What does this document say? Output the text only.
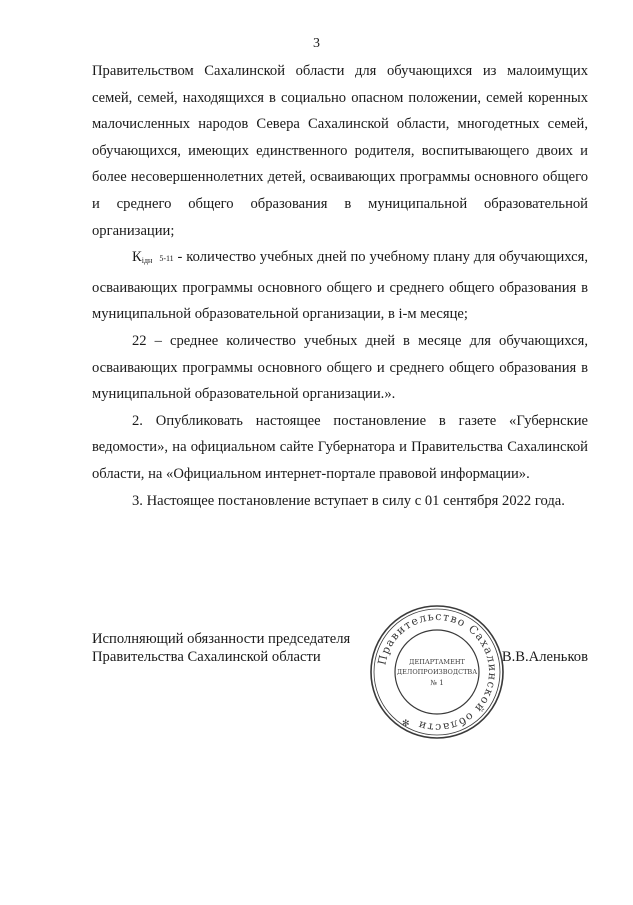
3

Правительством Сахалинской области для обучающихся из малоимущих семей, семей, находящихся в социально опасном положении, семей коренных малочисленных народов Севера Сахалинской области, многодетных семей, обучающихся, имеющих единственного родителя, воспитывающего двоих и более несовершеннолетних детей, осваивающих программы основного общего и среднего общего образования в муниципальной образовательной организации;

$К_{iдн}$ 5-11 - количество учебных дней по учебному плану для обучающихся, осваивающих программы основного общего и среднего общего образования в муниципальной образовательной организации, в i-м месяце;

22 – среднее количество учебных дней в месяце для обучающихся, осваивающих программы основного общего и среднего общего образования в муниципальной образовательной организации.».

2. Опубликовать настоящее постановление в газете «Губернские ведомости», на официальном сайте Губернатора и Правительства Сахалинской области, на «Официальном интернет-портале правовой информации».

3. Настоящее постановление вступает в силу с 01 сентября 2022 года.

Исполняющий обязанности председателя
Правительства Сахалинской области	Правительство Сахалинской области
✻
ДЕПАРТАМЕНТ
ДЕЛОПРОИЗВОДСТВА
№ 1
В.В.Аленьков
